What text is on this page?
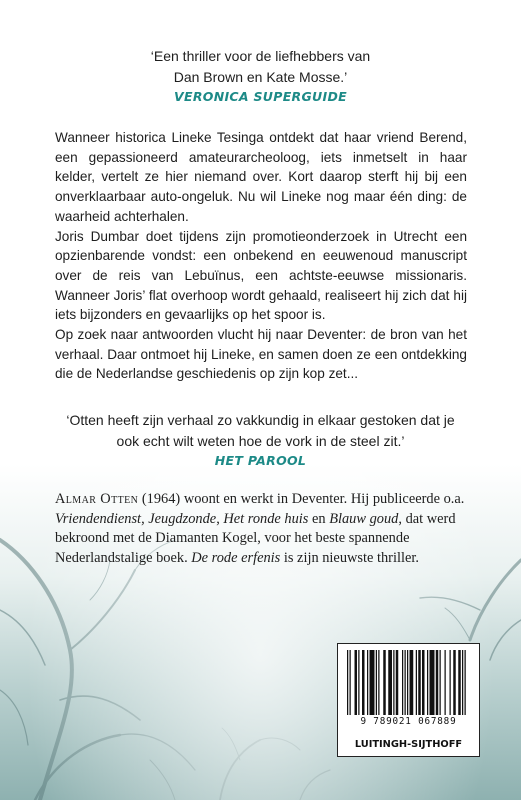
‘Een thriller voor de liefhebbers van
Dan Brown en Kate Mosse.’
VERONICA SUPERGUIDE

Wanneer historica Lineke Tesinga ontdekt dat haar vriend Berend, een gepassioneerd amateurarcheoloog, iets inmetselt in haar kelder, vertelt ze hier niemand over. Kort daarop sterft hij bij een onverklaarbaar auto-ongeluk. Nu wil Lineke nog maar één ding: de waarheid achterhalen.

Joris Dumbar doet tijdens zijn promotieonderzoek in Utrecht een opzienbarende vondst: een onbekend en eeuwenoud manuscript over de reis van Lebuïnus, een achtste-eeuwse missionaris. Wanneer Joris’ flat overhoop wordt gehaald, realiseert hij zich dat hij iets bijzonders en gevaarlijks op het spoor is.

Op zoek naar antwoorden vlucht hij naar Deventer: de bron van het verhaal. Daar ontmoet hij Lineke, en samen doen ze een ontdekking die de Nederlandse geschiedenis op zijn kop zet...

‘Otten heeft zijn verhaal zo vakkundig in elkaar gestoken dat je
ook echt wilt weten hoe de vork in de steel zit.’
HET PAROOL
Almar Otten (1964) woont en werkt in Deventer. Hij publiceerde o.a. Vriendendienst, Jeugdzonde, Het ronde huis en Blauw goud, dat werd bekroond met de Diamanten Kogel, voor het beste spannende Nederlandstalige boek. De rode erfenis is zijn nieuwste thriller.
9 789021 067889
LUITINGH-SIJTHOFF
